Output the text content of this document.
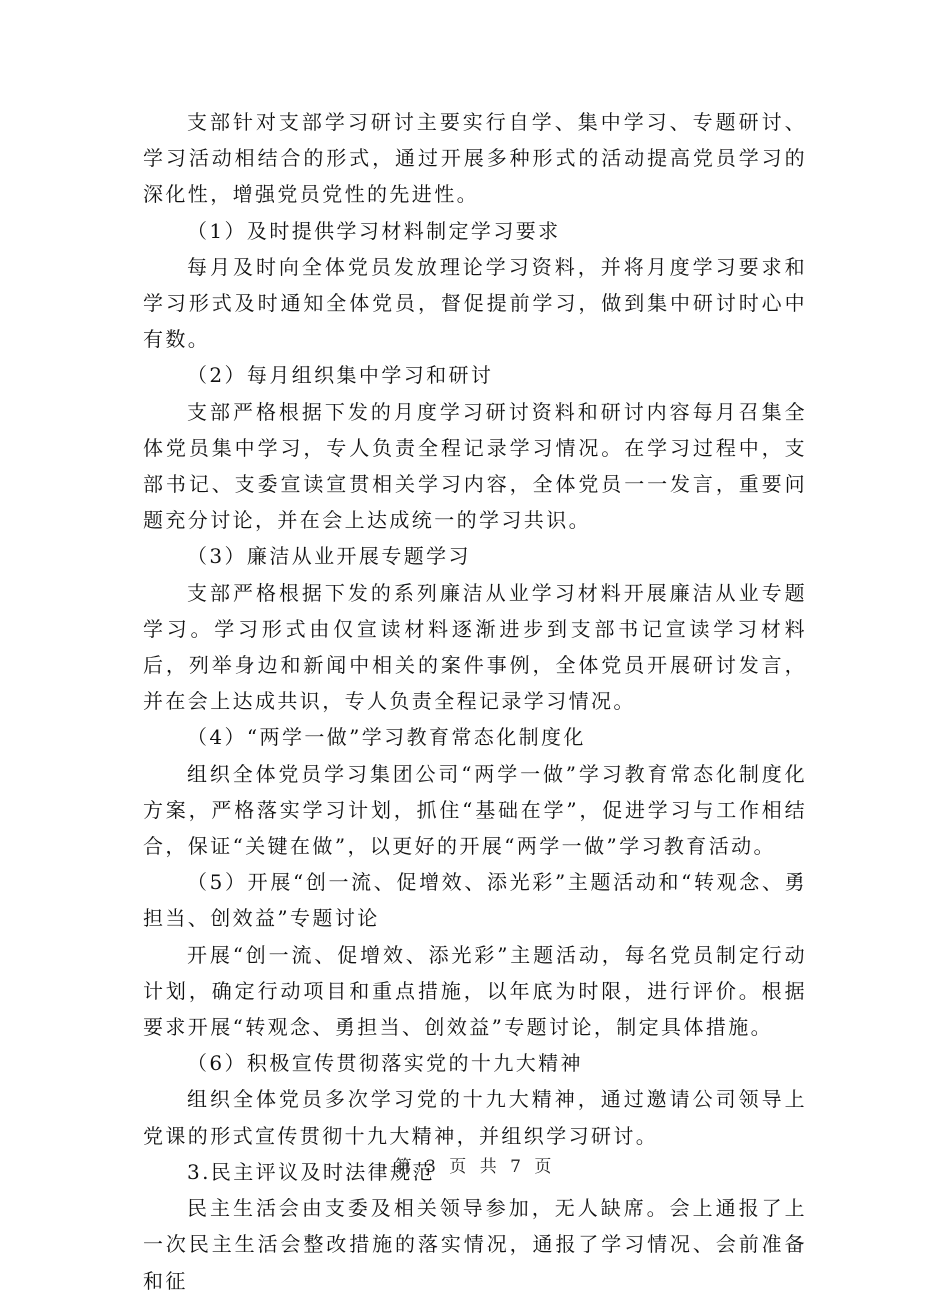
支部针对支部学习研讨主要实行自学、集中学习、专题研讨、学习活动相结合的形式，通过开展多种形式的活动提高党员学习的深化性，增强党员党性的先进性。

（1）及时提供学习材料制定学习要求

每月及时向全体党员发放理论学习资料，并将月度学习要求和学习形式及时通知全体党员，督促提前学习，做到集中研讨时心中有数。

（2）每月组织集中学习和研讨

支部严格根据下发的月度学习研讨资料和研讨内容每月召集全体党员集中学习，专人负责全程记录学习情况。在学习过程中，支部书记、支委宣读宣贯相关学习内容，全体党员一一发言，重要问题充分讨论，并在会上达成统一的学习共识。

（3）廉洁从业开展专题学习

支部严格根据下发的系列廉洁从业学习材料开展廉洁从业专题学习。学习形式由仅宣读材料逐渐进步到支部书记宣读学习材料后，列举身边和新闻中相关的案件事例，全体党员开展研讨发言，并在会上达成共识，专人负责全程记录学习情况。

（4）“两学一做”学习教育常态化制度化

组织全体党员学习集团公司“两学一做”学习教育常态化制度化方案，严格落实学习计划，抓住“基础在学”，促进学习与工作相结合，保证“关键在做”，以更好的开展“两学一做”学习教育活动。

（5）开展“创一流、促增效、添光彩”主题活动和“转观念、勇担当、创效益”专题讨论

开展“创一流、促增效、添光彩”主题活动，每名党员制定行动计划，确定行动项目和重点措施，以年底为时限，进行评价。根据要求开展“转观念、勇担当、创效益”专题讨论，制定具体措施。

（6）积极宣传贯彻落实党的十九大精神

组织全体党员多次学习党的十九大精神，通过邀请公司领导上党课的形式宣传贯彻十九大精神，并组织学习研讨。

3.民主评议及时法律规范

民主生活会由支委及相关领导参加，无人缺席。会上通报了上一次民主生活会整改措施的落实情况，通报了学习情况、会前准备和征

第 3 页 共 7 页
